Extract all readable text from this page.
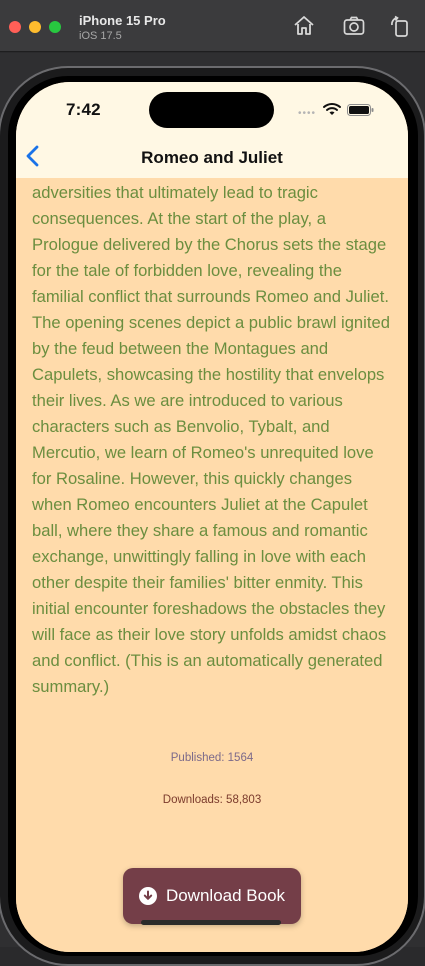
iPhone 15 Pro
iOS 17.5
7:42	••••
Romeo and Juliet

adversities that ultimately lead to tragic consequences. At the start of the play, a Prologue delivered by the Chorus sets the stage for the tale of forbidden love, revealing the familial conflict that surrounds Romeo and Juliet. The opening scenes depict a public brawl ignited by the feud between the Montagues and Capulets, showcasing the hostility that envelops their lives. As we are introduced to various characters such as Benvolio, Tybalt, and Mercutio, we learn of Romeo's unrequited love for Rosaline. However, this quickly changes when Romeo encounters Juliet at the Capulet ball, where they share a famous and romantic exchange, unwittingly falling in love with each other despite their families' bitter enmity. This initial encounter foreshadows the obstacles they will face as their love story unfolds amidst chaos and conflict. (This is an automatically generated summary.)

Published: 1564
Downloads: 58,803
Download Book
